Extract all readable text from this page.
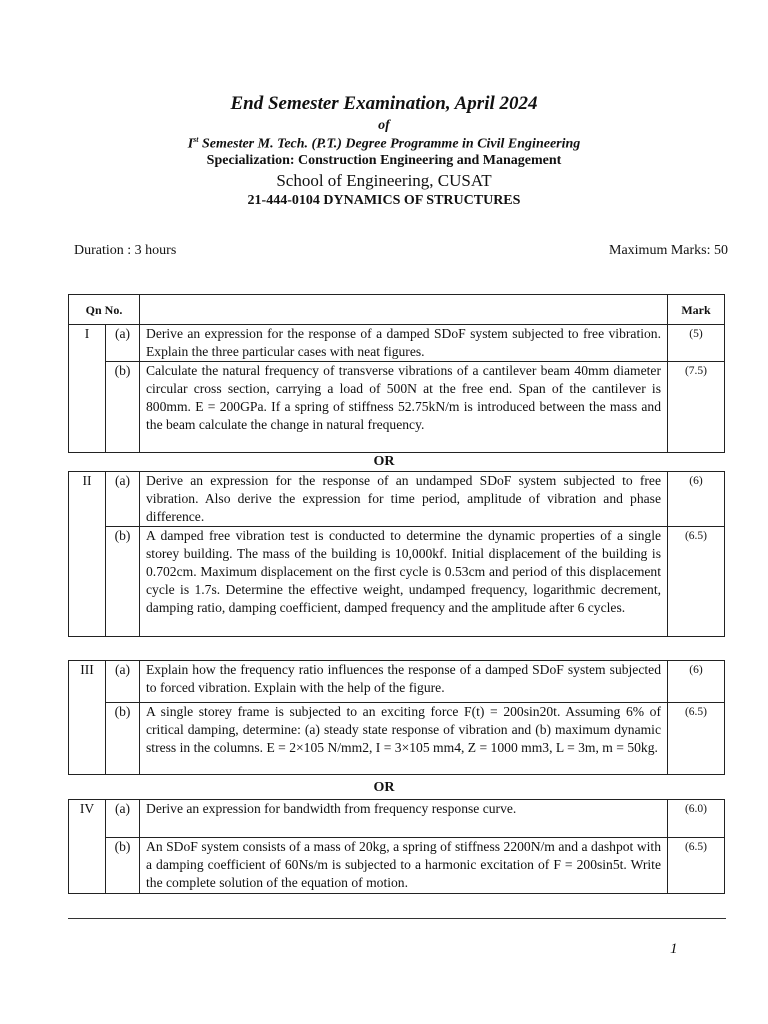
End Semester Examination, April 2024
of
Ist Semester M. Tech. (P.T.) Degree Programme in Civil Engineering
Specialization: Construction Engineering and Management
School of Engineering, CUSAT
21-444-0104 DYNAMICS OF STRUCTURES
Duration : 3 hours	Maximum Marks: 50
Qn No.			Mark
I	(a)	Derive an expression for the response of a damped SDoF system subjected to free vibration. Explain the three particular cases with neat figures.	(5)
	(b)	Calculate the natural frequency of transverse vibrations of a cantilever beam 40mm diameter circular cross section, carrying a load of 500N at the free end. Span of the cantilever is 800mm. E = 200GPa. If a spring of stiffness 52.75kN/m is introduced between the mass and the beam calculate the change in natural frequency.	(7.5)
OR
II	(a)	Derive an expression for the response of an undamped SDoF system subjected to free vibration. Also derive the expression for time period, amplitude of vibration and phase difference.	(6)
	(b)	A damped free vibration test is conducted to determine the dynamic properties of a single storey building. The mass of the building is 10,000kf. Initial displacement of the building is 0.702cm. Maximum displacement on the first cycle is 0.53cm and period of this displacement cycle is 1.7s. Determine the effective weight, undamped frequency, logarithmic decrement, damping ratio, damping coefficient, damped frequency and the amplitude after 6 cycles.	(6.5)
III	(a)	Explain how the frequency ratio influences the response of a damped SDoF system subjected to forced vibration. Explain with the help of the figure.	(6)
	(b)	A single storey frame is subjected to an exciting force F(t) = 200sin20t. Assuming 6% of critical damping, determine: (a) steady state response of vibration and (b) maximum dynamic stress in the columns. E = 2×105 N/mm2, I = 3×105 mm4, Z = 1000 mm3, L = 3m, m = 50kg.	(6.5)
OR
IV	(a)	Derive an expression for bandwidth from frequency response curve.	(6.0)
	(b)	An SDoF system consists of a mass of 20kg, a spring of stiffness 2200N/m and a dashpot with a damping coefficient of 60Ns/m is subjected to a harmonic excitation of F = 200sin5t. Write the complete solution of the equation of motion.	(6.5)
1
